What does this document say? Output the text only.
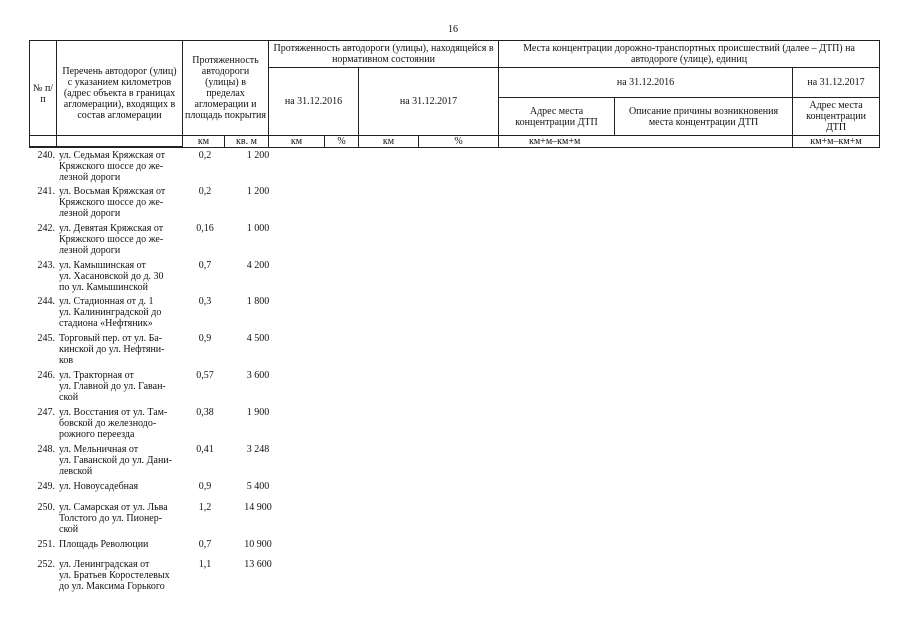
16
№ п/п	Перечень автодорог (улиц) с указанием километров (адрес объекта в границах агломерации), входящих в состав агломерации	Протяженность автодороги (улицы) в пределах агломерации и площадь покрытия	Протяженность автодороги (улицы), находящейся в нормативном состоянии		Места концентрации дорожно-транспортных происшествий (далее – ДТП) на автодороге (улице), единиц		
			на 31.12.2016	на 31.12.2017	на 31.12.2016		на 31.12.2017
					Адрес места концентрации ДТП	Описание причины возникновения места концентрации ДТП	Адрес места концентрации ДТП

		км	кв. м	км	%	км	%	км+м–км+м	км+м–км+м
240. ул. Седьмая Кряжская от
Кряжского шоссе до же-
лезной дороги
0,2	1 200
241. ул. Восьмая Кряжская от
Кряжского шоссе до же-
лезной дороги
0,2	1 200
242. ул. Девятая Кряжская от
Кряжского шоссе до же-
лезной дороги
0,16	1 000
243. ул. Камышинская от
ул. Хасановской до д. 30
по ул. Камышинской
0,7	4 200
244. ул. Стадионная от д. 1
ул. Калининградской до
стадиона «Нефтяник»
0,3	1 800
245. Торговый пер. от ул. Ба-
кинской до ул. Нефтяни-
ков
0,9	4 500
246. ул. Тракторная от
ул. Главной до ул. Гаван-
ской
0,57	3 600
247. ул. Восстания от ул. Там-
бовской до железнодо-
рожного переезда
0,38	1 900
248. ул. Мельничная от
ул. Гаванской до ул. Дани-
левской
0,41	3 248
249. ул. Новоусадебная	0,9	5 400
250. ул. Самарская от ул. Льва
Толстого до ул. Пионер-
ской
1,2	14 900
251. Площадь Революции	0,7	10 900
252. ул. Ленинградская от
ул. Братьев Коростелевых
до ул. Максима Горького
1,1	13 600
